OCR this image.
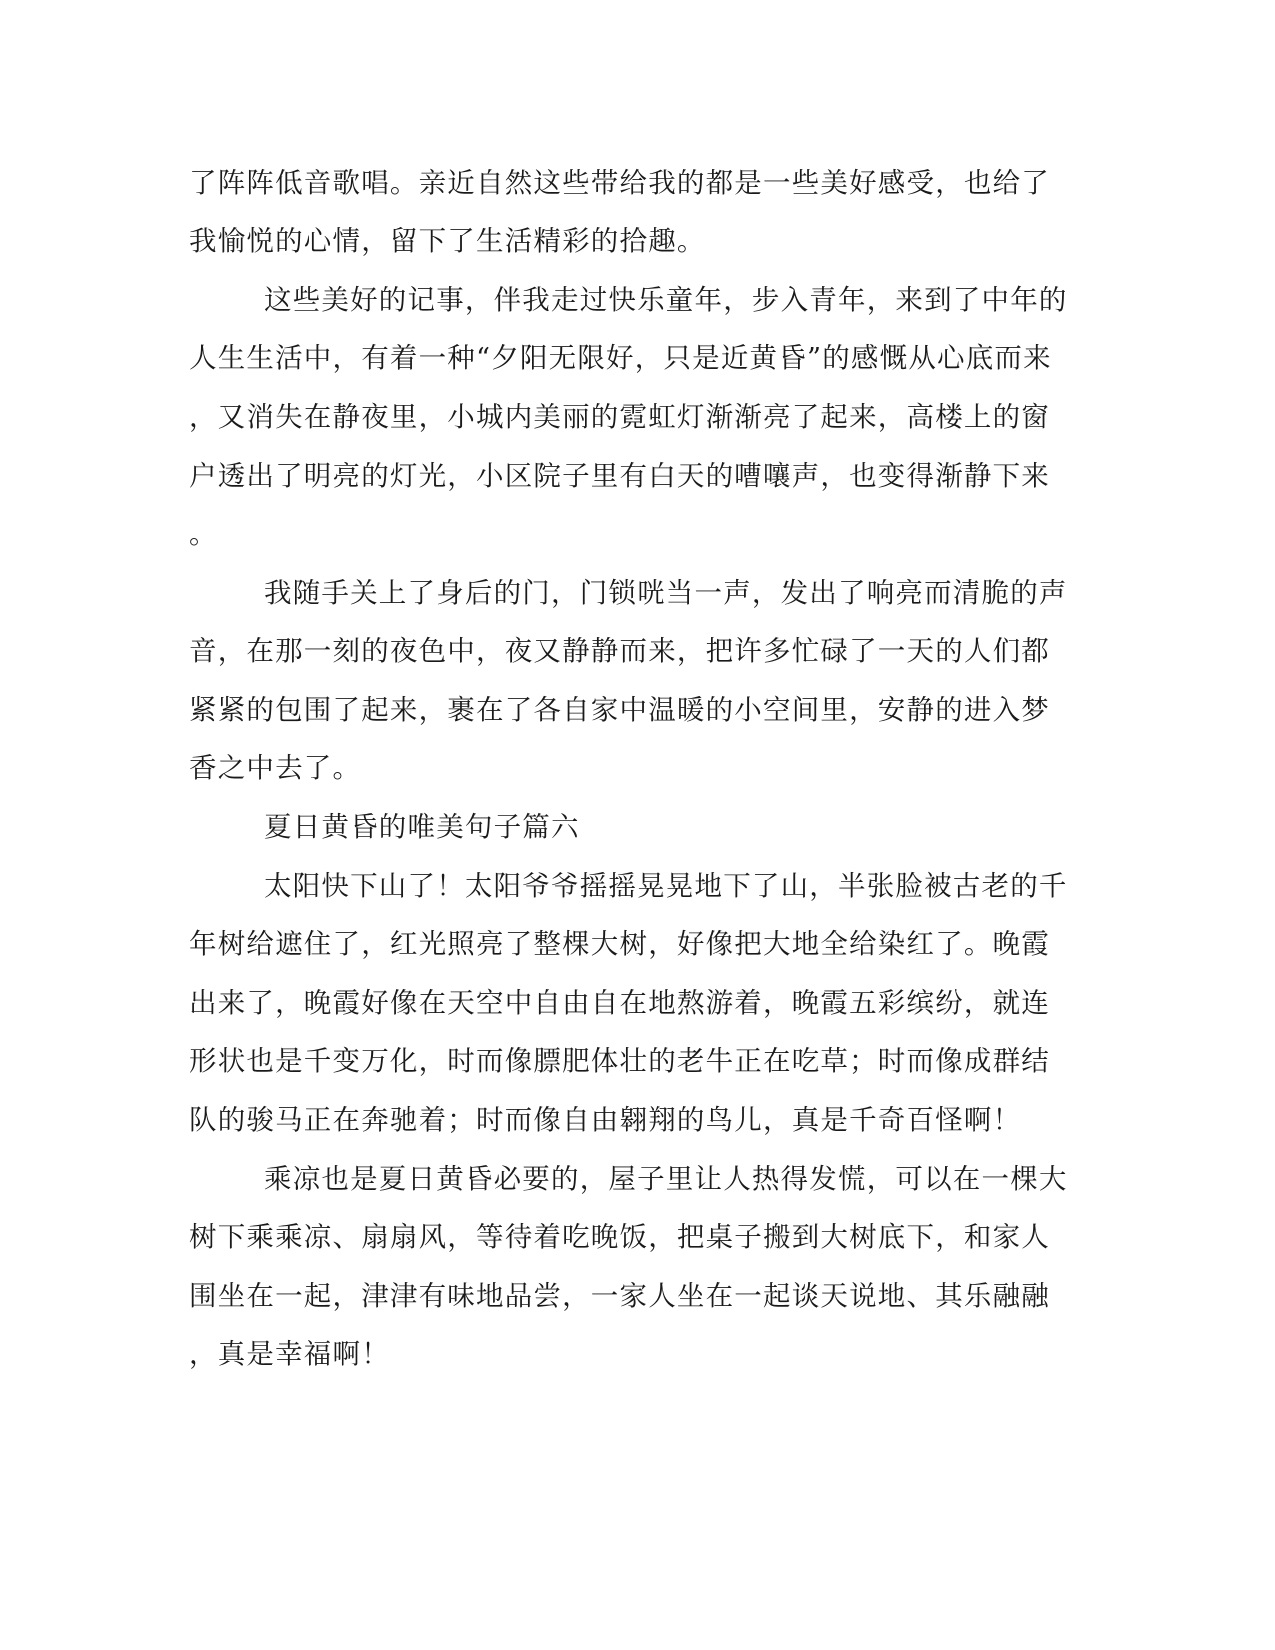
了阵阵低音歌唱。亲近自然这些带给我的都是一些美好感受，也给了

我愉悦的心情，留下了生活精彩的拾趣。

这些美好的记事，伴我走过快乐童年，步入青年，来到了中年的

人生生活中，有着一种“夕阳无限好，只是近黄昏”的感慨从心底而来

，又消失在静夜里，小城内美丽的霓虹灯渐渐亮了起来，高楼上的窗

户透出了明亮的灯光，小区院子里有白天的嘈嚷声，也变得渐静下来

。

我随手关上了身后的门，门锁咣当一声，发出了响亮而清脆的声

音，在那一刻的夜色中，夜又静静而来，把许多忙碌了一天的人们都

紧紧的包围了起来，裹在了各自家中温暖的小空间里，安静的进入梦

香之中去了。

夏日黄昏的唯美句子篇六

太阳快下山了！太阳爷爷摇摇晃晃地下了山，半张脸被古老的千

年树给遮住了，红光照亮了整棵大树，好像把大地全给染红了。晚霞

出来了，晚霞好像在天空中自由自在地熬游着，晚霞五彩缤纷，就连

形状也是千变万化，时而像膘肥体壮的老牛正在吃草；时而像成群结

队的骏马正在奔驰着；时而像自由翱翔的鸟儿，真是千奇百怪啊！

乘凉也是夏日黄昏必要的，屋子里让人热得发慌，可以在一棵大

树下乘乘凉、扇扇风，等待着吃晚饭，把桌子搬到大树底下，和家人

围坐在一起，津津有味地品尝，一家人坐在一起谈天说地、其乐融融

，真是幸福啊！
